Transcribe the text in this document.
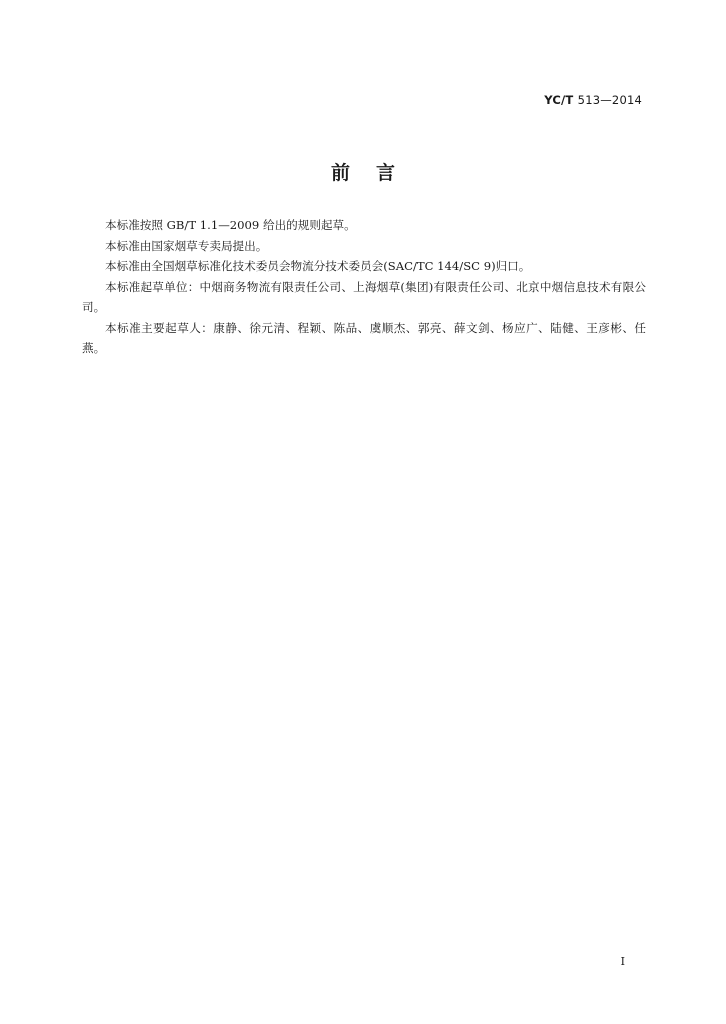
YC/T 513—2014
前言

本标准按照 GB/T 1.1—2009 给出的规则起草。

本标准由国家烟草专卖局提出。

本标准由全国烟草标准化技术委员会物流分技术委员会(SAC/TC 144/SC 9)归口。

本标准起草单位：中烟商务物流有限责任公司、上海烟草(集团)有限责任公司、北京中烟信息技术有限公司。

本标准主要起草人：康静、徐元清、程颖、陈品、虞顺杰、郭亮、薛文剑、杨应广、陆健、王彦彬、任燕。

I
